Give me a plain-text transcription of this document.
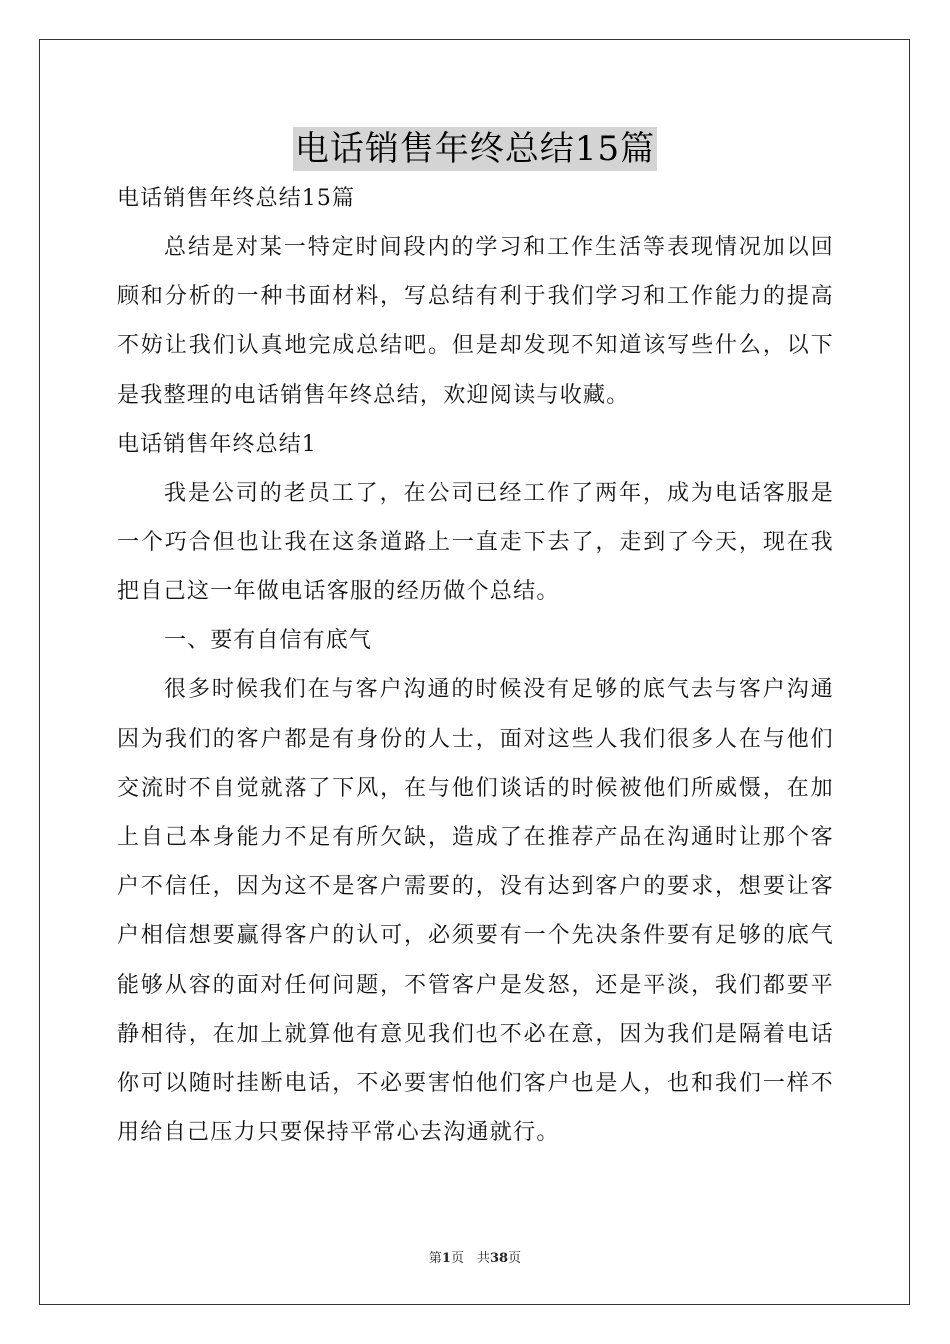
电话销售年终总结15篇
电话销售年终总结15篇

总结是对某一特定时间段内的学习和工作生活等表现情况加以回顾和分析的一种书面材料，写总结有利于我们学习和工作能力的提高不妨让我们认真地完成总结吧。但是却发现不知道该写些什么，以下是我整理的电话销售年终总结，欢迎阅读与收藏。

电话销售年终总结1

我是公司的老员工了，在公司已经工作了两年，成为电话客服是一个巧合但也让我在这条道路上一直走下去了，走到了今天，现在我把自己这一年做电话客服的经历做个总结。

一、要有自信有底气

很多时候我们在与客户沟通的时候没有足够的底气去与客户沟通因为我们的客户都是有身份的人士，面对这些人我们很多人在与他们交流时不自觉就落了下风，在与他们谈话的时候被他们所威慑，在加上自己本身能力不足有所欠缺，造成了在推荐产品在沟通时让那个客户不信任，因为这不是客户需要的，没有达到客户的要求，想要让客户相信想要赢得客户的认可，必须要有一个先决条件要有足够的底气能够从容的面对任何问题，不管客户是发怒，还是平淡，我们都要平静相待，在加上就算他有意见我们也不必在意，因为我们是隔着电话你可以随时挂断电话，不必要害怕他们客户也是人，也和我们一样不用给自己压力只要保持平常心去沟通就行。

第1页　共38页
